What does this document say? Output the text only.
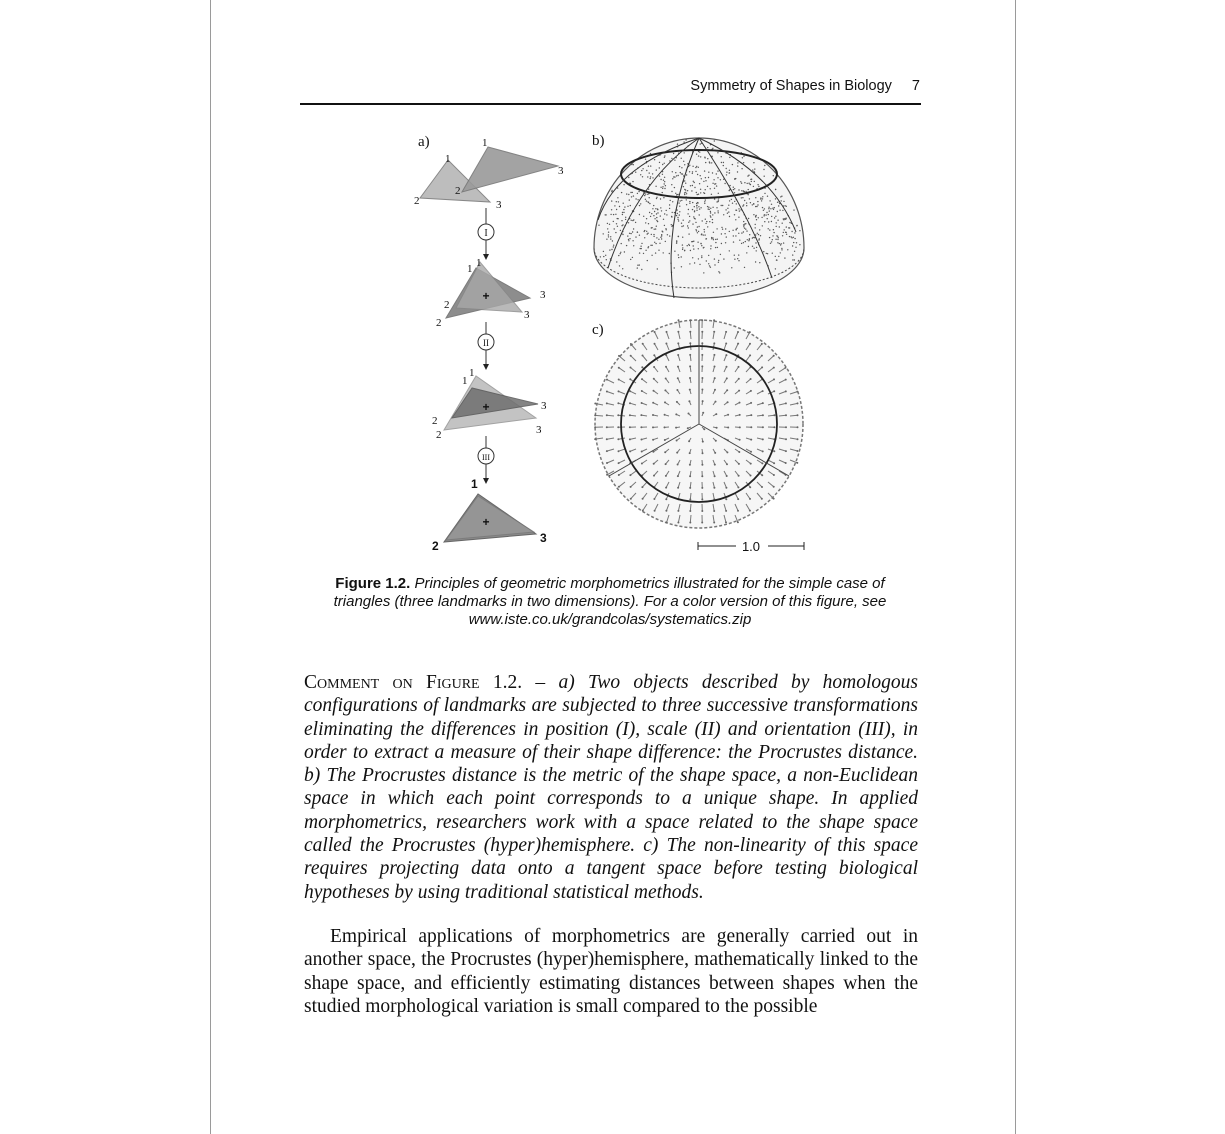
Symmetry of Shapes in Biology 7
a)
1
1
2
2
3
3
I
+
1 1
2
2
3
3
II
+
1
1
2
2
3
3
III
+
1
2
3
b)
c)
1.0
Figure 1.2. Principles of geometric morphometrics illustrated for the simple case of triangles (three landmarks in two dimensions). For a color version of this figure, see www.iste.co.uk/grandcolas/systematics.zip
Comment on Figure 1.2. – a) Two objects described by homologous configurations of landmarks are subjected to three successive transformations eliminating the differences in position (I), scale (II) and orientation (III), in order to extract a measure of their shape difference: the Procrustes distance. b) The Procrustes distance is the metric of the shape space, a non-Euclidean space in which each point corresponds to a unique shape. In applied morphometrics, researchers work with a space related to the shape space called the Procrustes (hyper)hemisphere. c) The non-linearity of this space requires projecting data onto a tangent space before testing biological hypotheses by using traditional statistical methods.
Empirical applications of morphometrics are generally carried out in another space, the Procrustes (hyper)hemisphere, mathematically linked to the shape space, and efficiently estimating distances between shapes when the studied morphological variation is small compared to the possible
